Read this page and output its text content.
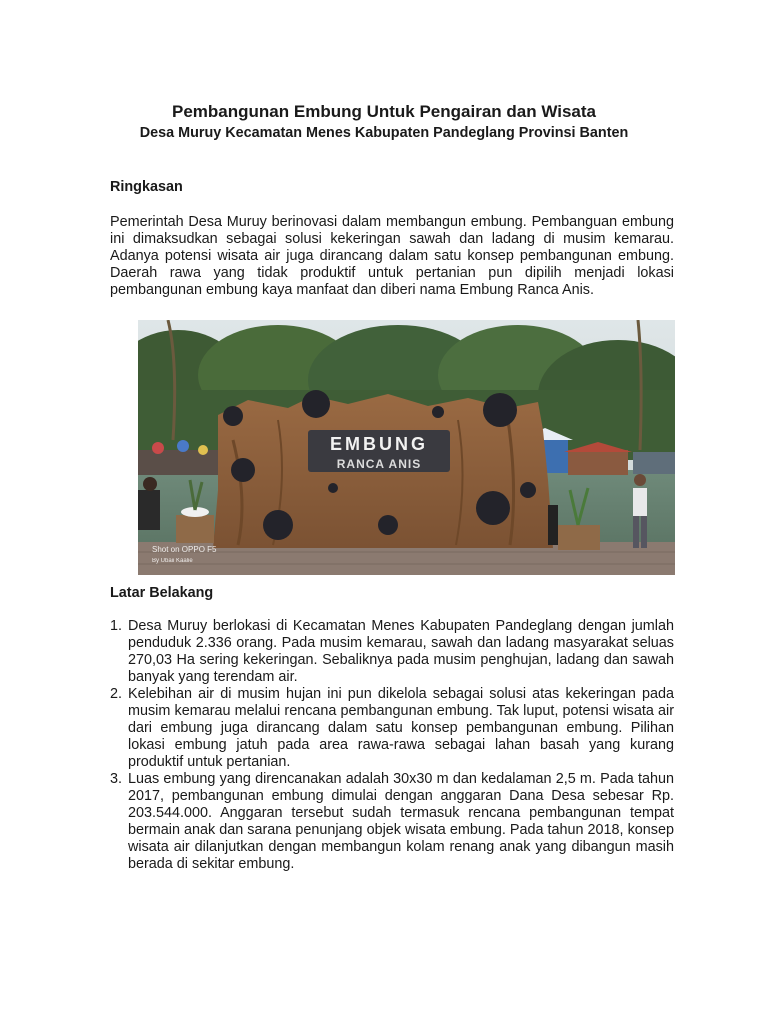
Pembangunan Embung Untuk Pengairan dan Wisata
Desa Muruy Kecamatan Menes Kabupaten Pandeglang Provinsi Banten
Ringkasan
Pemerintah Desa Muruy berinovasi dalam membangun embung. Pembanguan embung ini dimaksudkan sebagai solusi kekeringan sawah dan ladang di musim kemarau. Adanya potensi wisata air juga dirancang dalam satu konsep pembangunan embung. Daerah rawa yang tidak produktif untuk pertanian pun dipilih menjadi lokasi pembangunan embung kaya manfaat dan diberi nama Embung Ranca Anis.
EMBUNG
RANCA ANIS
Shot on OPPO F5
By Ubaii Kaalie
Latar Belakang
1. Desa Muruy berlokasi di Kecamatan Menes Kabupaten Pandeglang dengan jumlah penduduk 2.336 orang. Pada musim kemarau, sawah dan ladang masyarakat seluas 270,03 Ha sering kekeringan. Sebaliknya pada musim penghujan, ladang dan sawah banyak yang terendam air.
2. Kelebihan air di musim hujan ini pun dikelola sebagai solusi atas kekeringan pada musim kemarau melalui rencana pembangunan embung. Tak luput, potensi wisata air dari embung juga dirancang dalam satu konsep pembangunan embung. Pilihan lokasi embung jatuh pada area rawa-rawa sebagai lahan basah yang kurang produktif untuk pertanian.
3. Luas embung yang direncanakan adalah 30x30 m dan kedalaman 2,5 m. Pada tahun 2017, pembangunan embung dimulai dengan anggaran Dana Desa sebesar Rp. 203.544.000. Anggaran tersebut sudah termasuk rencana pembangunan tempat bermain anak dan sarana penunjang objek wisata embung. Pada tahun 2018, konsep wisata air dilanjutkan dengan membangun kolam renang anak yang dibangun masih berada di sekitar embung.
